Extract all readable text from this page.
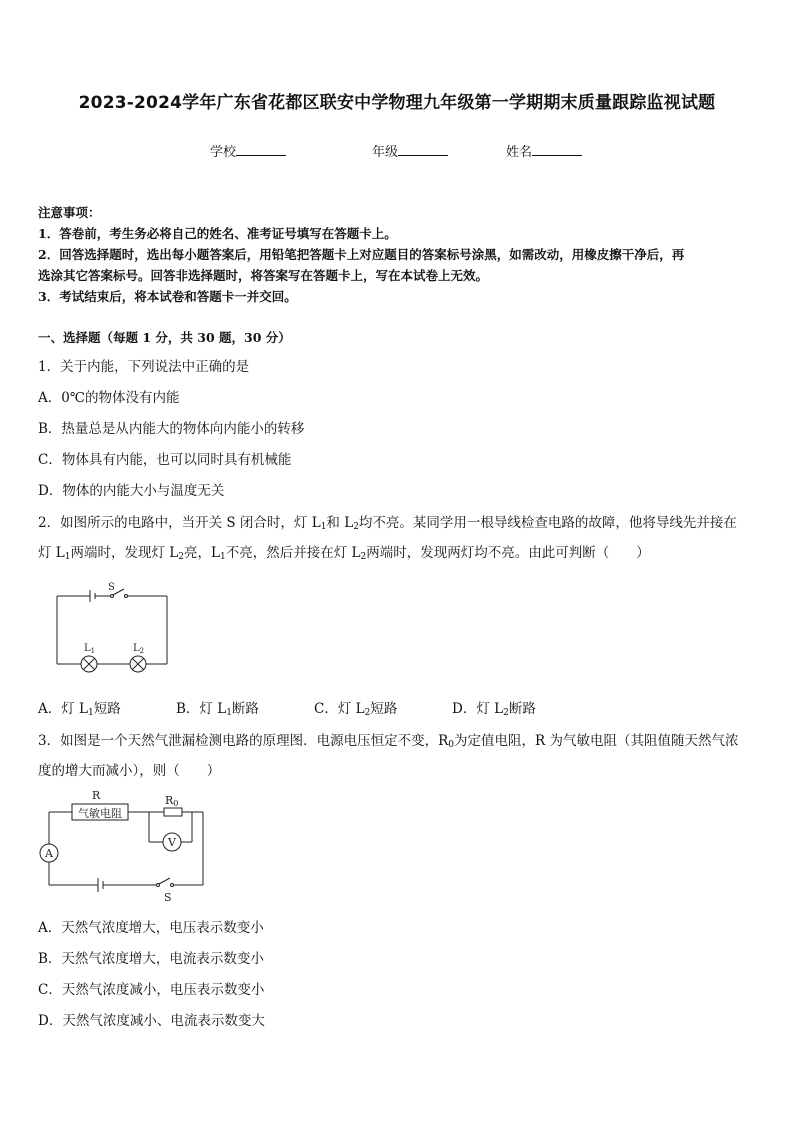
2023-2024学年广东省花都区联安中学物理九年级第一学期期末质量跟踪监视试题
学校	年级	姓名
注意事项：
1．答卷前，考生务必将自己的姓名、准考证号填写在答题卡上。
2．回答选择题时，选出每小题答案后，用铅笔把答题卡上对应题目的答案标号涂黑，如需改动，用橡皮擦干净后，再
选涂其它答案标号。回答非选择题时，将答案写在答题卡上，写在本试卷上无效。
3．考试结束后，将本试卷和答题卡一并交回。
一、选择题（每题 1 分，共 30 题，30 分）
1．关于内能，下列说法中正确的是
A．0℃的物体没有内能
B．热量总是从内能大的物体向内能小的转移
C．物体具有内能，也可以同时具有机械能
D．物体的内能大小与温度无关
2．如图所示的电路中，当开关 S 闭合时，灯 $L_1$和 $L_2$均不亮。某同学用一根导线检查电路的故障，他将导线先并接在
灯 $L_1$两端时，发现灯 $L_2$亮，$L_1$不亮，然后并接在灯 $L_2$两端时，发现两灯均不亮。由此可判断（　　）
S
$L_1$	$L_2$
A．灯 $L_1$短路	B．灯 $L_1$断路	C．灯 $L_2$短路	D．灯 $L_2$断路
3．如图是一个天然气泄漏检测电路的原理图．电源电压恒定不变，$R_0$为定值电阻，R 为气敏电阻（其阻值随天然气浓
度的增大而减小），则（　　）
R
气敏电阻
R0
V
A
S
A．天然气浓度增大，电压表示数变小
B．天然气浓度增大，电流表示数变小
C．天然气浓度减小，电压表示数变小
D．天然气浓度减小、电流表示数变大
